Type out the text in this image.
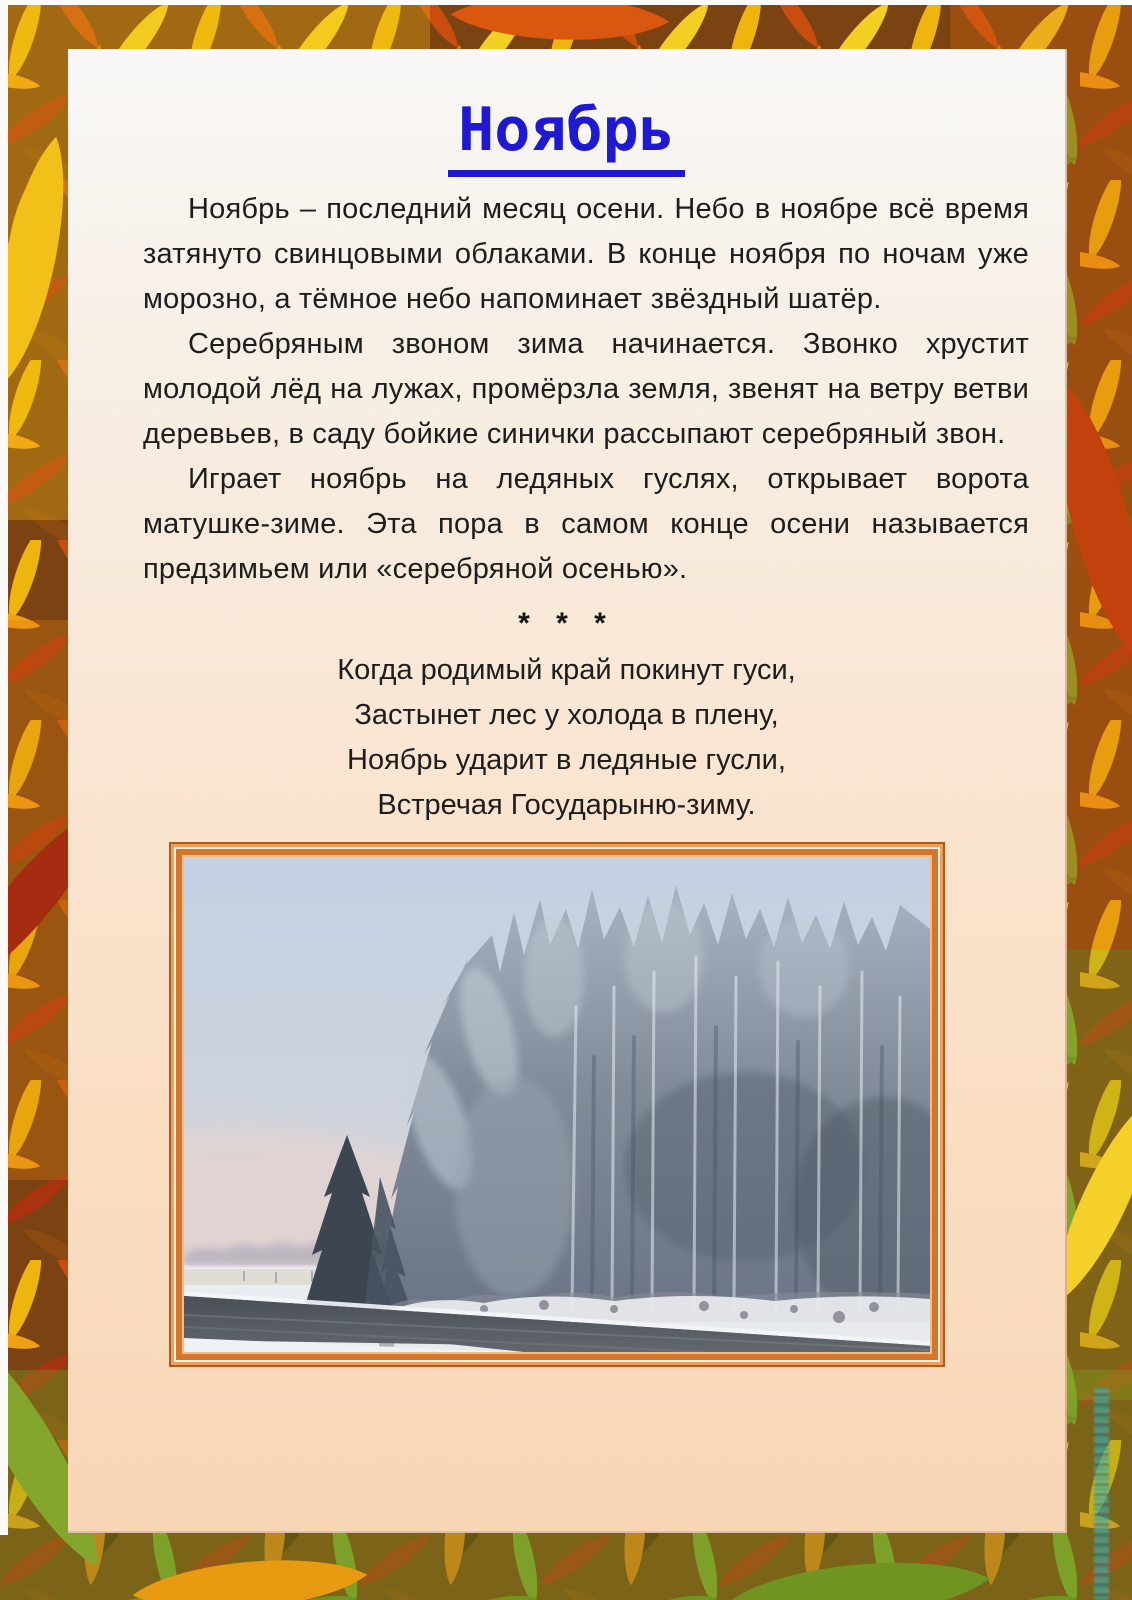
Ноябрь

Ноябрь – последний месяц осени. Небо в ноябре всё время затянуто свинцовыми облаками. В конце ноября по ночам уже морозно, а тёмное небо напоминает звёздный шатёр.

Серебряным звоном зима начинается. Звонко хрустит молодой лёд на лужах, промёрзла земля, звенят на ветру ветви деревьев, в саду бойкие синички рассыпают серебряный звон.

Играет ноябрь на ледяных гуслях, открывает ворота матушке-зиме. Эта пора в самом конце осени называется предзимьем или «серебряной осенью».

* * *
Когда родимый край покинут гуси,
Застынет лес у холода в плену,
Ноябрь ударит в ледяные гусли,
Встречая Государыню-зиму.
